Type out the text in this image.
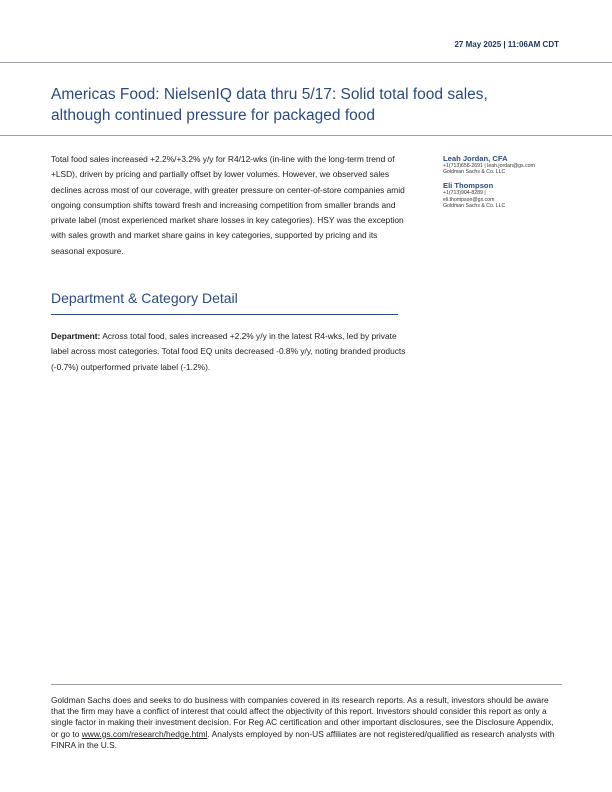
27 May 2025 | 11:06AM CDT
Americas Food: NielsenIQ data thru 5/17: Solid total food sales, although continued pressure for packaged food

Total food sales increased +2.2%/+3.2% y/y for R4/12-wks (in-line with the long-term trend of +LSD), driven by pricing and partially offset by lower volumes. However, we observed sales declines across most of our coverage, with greater pressure on center-of-store companies amid ongoing consumption shifts toward fresh and increasing competition from smaller brands and private label (most experienced market share losses in key categories). HSY was the exception with sales growth and market share gains in key categories, supported by pricing and its seasonal exposure.

Leah Jordan, CFA
+1(713)658-2691 | leah.jordan@gs.com
Goldman Sachs & Co. LLC
Eli Thompson
+1(713)904-8289 |
eli.thompson@gs.com
Goldman Sachs & Co. LLC
Department & Category Detail

Department: Across total food, sales increased +2.2% y/y in the latest R4-wks, led by private label across most categories. Total food EQ units decreased -0.8% y/y, noting branded products (-0.7%) outperformed private label (-1.2%).

Goldman Sachs does and seeks to do business with companies covered in its research reports. As a result, investors should be aware that the firm may have a conflict of interest that could affect the objectivity of this report. Investors should consider this report as only a single factor in making their investment decision. For Reg AC certification and other important disclosures, see the Disclosure Appendix, or go to www.gs.com/research/hedge.html. Analysts employed by non-US affiliates are not registered/qualified as research analysts with FINRA in the U.S.
